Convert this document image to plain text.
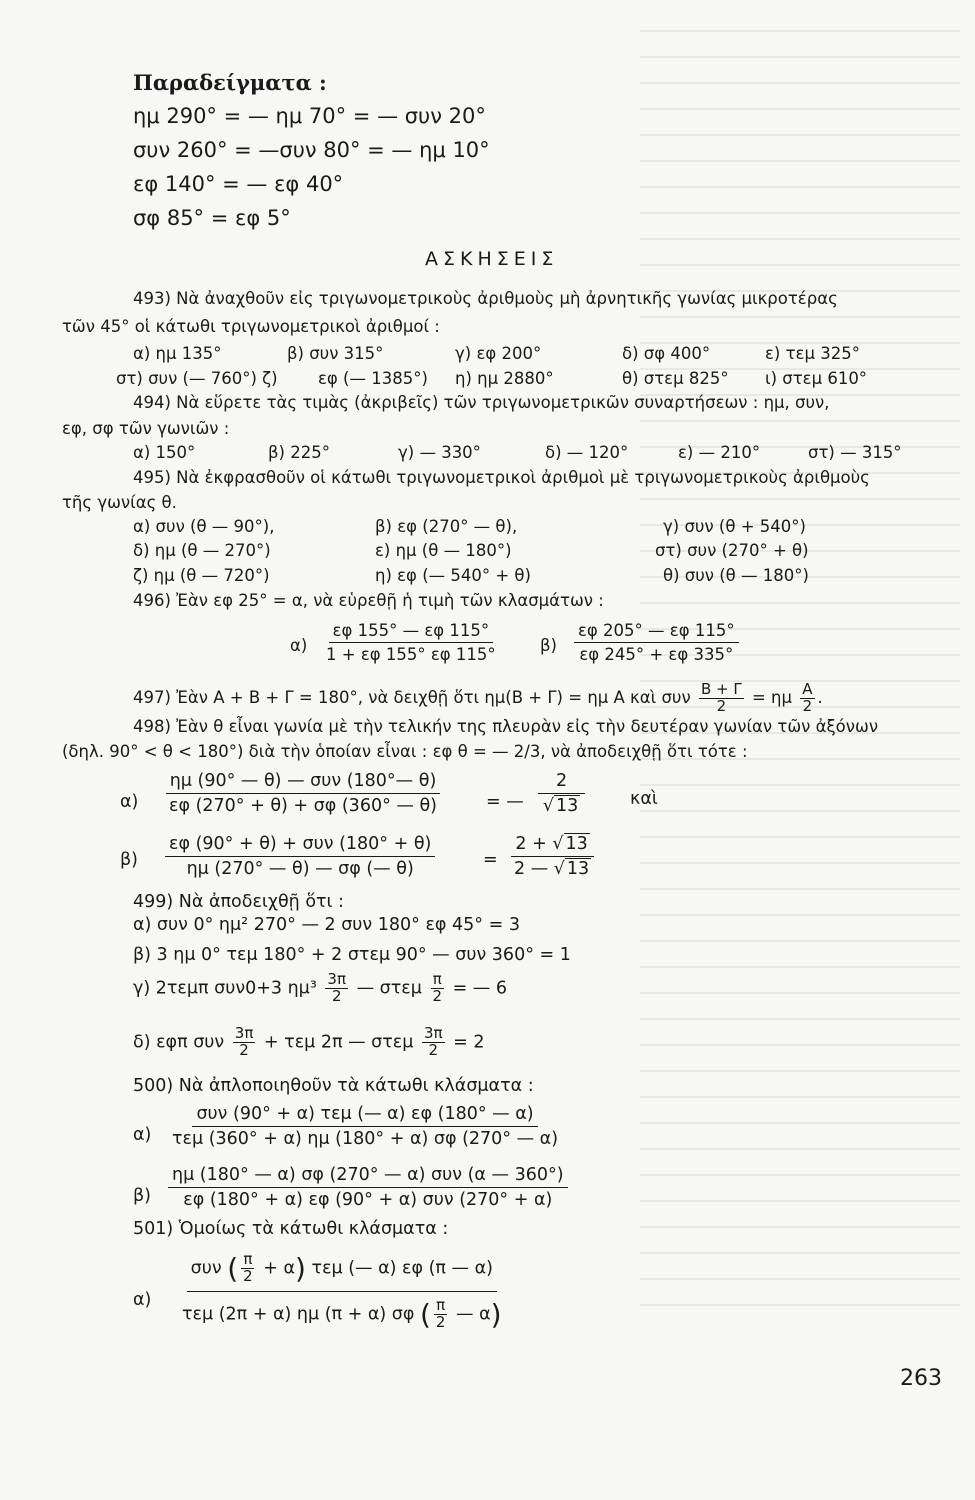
Παραδείγματα :
ημ 290° = — ημ 70° = — συν 20°
συν 260° = —συν 80° = — ημ 10°
εφ 140° = — εφ 40°
σφ 85° = εφ 5°
ΑΣΚΗΣΕΙΣ
493) Νὰ ἀναχθοῦν εἰς τριγωνομετρικοὺς ἀριθμοὺς μὴ ἀρνητικῆς γωνίας μικροτέρας
τῶν 45° οἱ κάτωθι τριγωνομετρικοὶ ἀριθμοί :
α) ημ 135°	β) συν 315°	γ) εφ 200°	δ) σφ 400°	ε) τεμ 325°
στ) συν (— 760°) ζ) εφ (— 1385°) η) ημ 2880°	θ) στεμ 825° ι) στεμ 610°
494) Νὰ εὕρετε τὰς τιμὰς (ἀκριβεῖς) τῶν τριγωνομετρικῶν συναρτήσεων : ημ, συν,
εφ, σφ τῶν γωνιῶν :
α) 150°	β) 225°	γ) — 330°	δ) — 120°	ε) — 210°	στ) — 315°
495) Νὰ ἐκφρασθοῦν οἱ κάτωθι τριγωνομετρικοὶ ἀριθμοὶ μὲ τριγωνομετρικοὺς ἀριθμοὺς
τῆς γωνίας θ.
α) συν (θ — 90°),	β) εφ (270° — θ),	γ) συν (θ + 540°)
δ) ημ (θ — 270°)	ε) ημ (θ — 180°)	στ) συν (270° + θ)
ζ) ημ (θ — 720°)	η) εφ (— 540° + θ)	θ) συν (θ — 180°)
496) Ἐὰν εφ 25° = α, νὰ εὑρεθῇ ἡ τιμὴ τῶν κλασμάτων :
$\alpha) \frac{\varepsilon\varphi 155^\circ — \varepsilon\varphi 115^\circ}{1 + \varepsilon\varphi 155^\circ \varepsilon\varphi 115^\circ} \beta) \frac{\varepsilon\varphi 205^\circ — \varepsilon\varphi 115^\circ}{\varepsilon\varphi 245^\circ + \varepsilon\varphi 335^\circ}$
497) Ἐὰν Α + Β + Γ = 180°, νὰ δειχθῇ ὅτι ημ(Β + Γ) = ημ Α καὶ συν $\frac{B + \Gamma}{2} = \eta\mu \frac{A}{2}$ .
498) Ἐὰν θ εἶναι γωνία μὲ τὴν τελικήν της πλευρὰν εἰς τὴν δευτέραν γωνίαν τῶν ἀξόνων
(δηλ. 90° < θ < 180°) διὰ τὴν ὁποίαν εἶναι : εφ θ = — 2/3, νὰ ἀποδειχθῇ ὅτι τότε :
α)
ημ (90° — θ) — συν (180°— θ)
εφ (270° + θ) + σφ (360° — θ)	= — $\frac{2}{√ 13}$	καὶ
β)
εφ (90° + θ) + συν (180° + θ)
ημ (270° — θ) — σφ (— θ)	= $\frac{2 + √ 13}{2 — √ 13}$
499) Νὰ ἀποδειχθῇ ὅτι :
α) συν 0° ημ² 270° — 2 συν 180° εφ 45° = 3
β) 3 ημ 0° τεμ 180° + 2 στεμ 90° — συν 360° = 1
γ) 2τεμπ συν0+3 $\eta\mu^3 \frac{3\pi}{2}$ — στεμ $\frac{\pi}{2}$ = — 6
δ) εφπ συν $\frac{3\pi}{2} + \tau\varepsilon\mu$ 2π — στεμ $\frac{3\pi}{2} = 2$
500) Νὰ ἀπλοποιηθοῦν τὰ κάτωθι κλάσματα :
α)
συν (90° + α) τεμ (— α) εφ (180° — α)
τεμ (360° + α) ημ (180° + α) σφ (270° — α)
β)
ημ (180° — α) σφ (270° — α) συν (α — 360°)
εφ (180° + α) εφ (90° + α) συν (270° + α)
501) Ὁμοίως τὰ κάτωθι κλάσματα :
α)
συν ( $\frac{\pi}{2} + \alpha$) τεμ (— α) εφ (π — α)
τεμ (2π + α) ημ (π + α) σφ ( $\frac{\pi}{2}$ — α)
263
